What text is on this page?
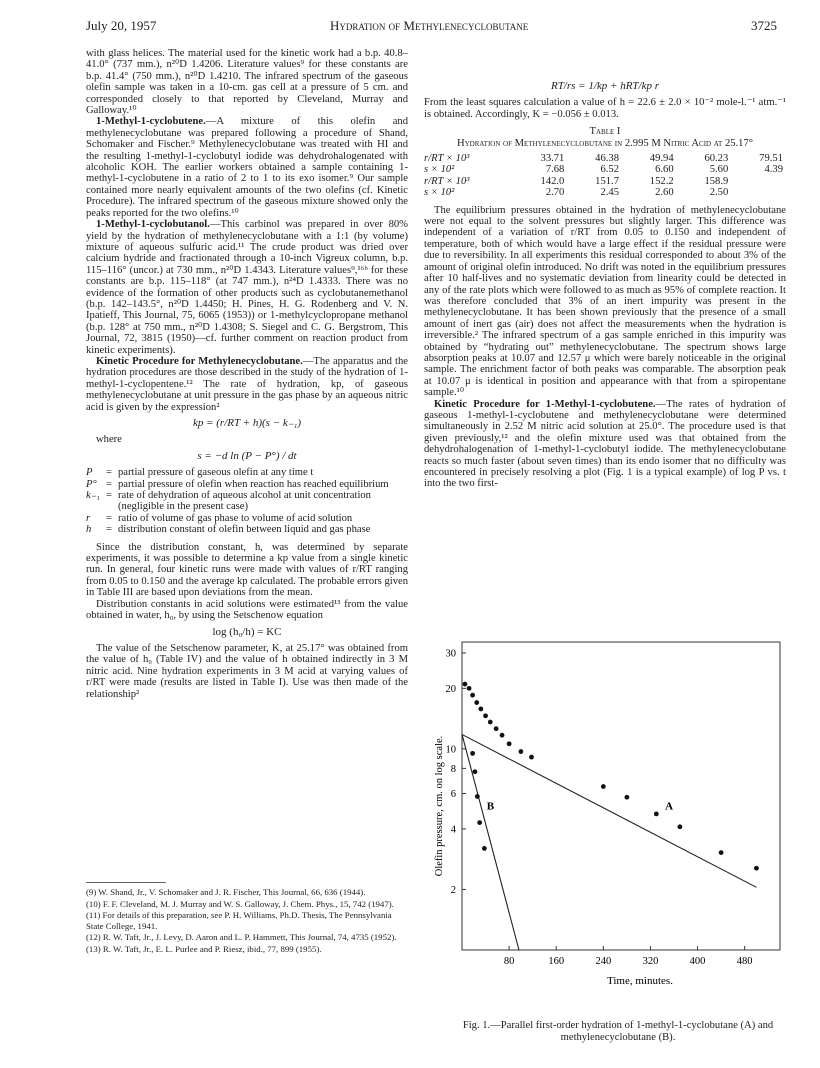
July 20, 1957	Hydration of Methylenecyclobutane	3725

with glass helices. The material used for the kinetic work had a b.p. 40.8–41.0° (737 mm.), n²⁰D 1.4206. Literature values⁹ for these constants are b.p. 41.4° (750 mm.), n²⁰D 1.4210. The infrared spectrum of the gaseous olefin sample was taken in a 10-cm. gas cell at a pressure of 5 cm. and corresponded closely to that reported by Cleveland, Murray and Galloway.¹⁰

1-Methyl-1-cyclobutene.—A mixture of this olefin and methylenecyclobutane was prepared following a procedure of Shand, Schomaker and Fischer.⁹ Methylenecyclobutane was treated with HI and the resulting 1-methyl-1-cyclobutyl iodide was dehydrohalogenated with alcoholic KOH. The earlier workers obtained a sample containing 1-methyl-1-cyclobutene in a ratio of 2 to 1 to its exo isomer.⁹ Our sample contained more nearly equivalent amounts of the two olefins (cf. Kinetic Procedure). The infrared spectrum of the gaseous mixture showed only the peaks reported for the two olefins.¹⁰

1-Methyl-1-cyclobutanol.—This carbinol was prepared in over 80% yield by the hydration of methylenecyclobutane with a 1:1 (by volume) mixture of aqueous sulfuric acid.¹¹ The crude product was dried over calcium hydride and fractionated through a 10-inch Vigreux column, b.p. 115–116° (uncor.) at 730 mm., n²⁰D 1.4343. Literature values⁹,¹⁶ᵇ for these constants are b.p. 115–118° (at 747 mm.), n²⁴D 1.4333. There was no evidence of the formation of other products such as cyclobutanemethanol (b.p. 142–143.5°, n²⁰D 1.4450; H. Pines, H. G. Rodenberg and V. N. Ipatieff, This Journal, 75, 6065 (1953)) or 1-methylcyclopropane methanol (b.p. 128° at 750 mm., n²⁰D 1.4308; S. Siegel and C. G. Bergstrom, This Journal, 72, 3815 (1950)—cf. further comment on reaction product from kinetic experiments).

Kinetic Procedure for Methylenecyclobutane.—The apparatus and the hydration procedures are those described in the study of the hydration of 1-methyl-1-cyclopentene.¹² The rate of hydration, kp, of gaseous methylenecyclobutane at unit pressure in the gas phase by an aqueous nitric acid is given by the expression²

kp = (r/RT + h)(s − k₋₁)

where

s = −d ln (P − P°) / dt
P	= partial pressure of gaseous olefin at any time t
P° = partial pressure of olefin when reaction has reached equilibrium
k₋₁ = rate of dehydration of aqueous alcohol at unit concentration (negligible in the present case)
r	= ratio of volume of gas phase to volume of acid solution
h	= distribution constant of olefin between liquid and gas phase

Since the distribution constant, h, was determined by separate experiments, it was possible to determine a kp value from a single kinetic run. In general, four kinetic runs were made with values of r/RT ranging from 0.05 to 0.150 and the average kp calculated. The probable errors given in Table III are based upon deviations from the mean.

Distribution constants in acid solutions were estimated¹³ from the value obtained in water, h₀, by using the Setschenow equation

log (h₀/h) = KC

The value of the Setschenow parameter, K, at 25.17° was obtained from the value of h₀ (Table IV) and the value of h obtained indirectly in 3 M nitric acid. Nine hydration experiments in 3 M acid at varying values of r/RT were made (results are listed in Table I). Use was then made of the relationship²

(9) W. Shand, Jr., V. Schomaker and J. R. Fischer, This Journal, 66, 636 (1944).

(10) F. F. Cleveland, M. J. Murray and W. S. Galloway, J. Chem. Phys., 15, 742 (1947).

(11) For details of this preparation, see P. H. Williams, Ph.D. Thesis, The Pennsylvania State College, 1941.

(12) R. W. Taft, Jr., J. Levy, D. Aaron and L. P. Hammett, This Journal, 74, 4735 (1952).

(13) R. W. Taft, Jr., E. L. Purlee and P. Riesz, ibid., 77, 899 (1955).

RT/rs = 1/kp + hRT/kp r

From the least squares calculation a value of h = 22.6 ± 2.0 × 10⁻² mole-l.⁻¹ atm.⁻¹ is obtained. Accordingly, K = −0.056 ± 0.013.

Table I
Hydration of Methylenecyclobutane in 2.995 M Nitric Acid at 25.17°
r/RT × 10³	33.71	46.38	49.94	60.23	79.51
s × 10²	7.68	6.52	6.60	5.60	4.39
r/RT × 10³	142.0	151.7	152.2	158.9	
s × 10²	2.70	2.45	2.60	2.50	

The equilibrium pressures obtained in the hydration of methylenecyclobutane were not equal to the solvent pressures but slightly larger. This difference was independent of a variation of r/RT from 0.05 to 0.150 and independent of temperature, both of which would have a large effect if the residual pressure were due to reversibility. In all experiments this residual corresponded to about 3% of the amount of original olefin introduced. No drift was noted in the equilibrium pressures after 10 half-lives and no systematic deviation from linearity could be detected in any of the rate plots which were followed to as much as 95% of complete reaction. It was therefore concluded that 3% of an inert impurity was present in the methylenecyclobutane. It has been shown previously that the presence of a small amount of inert gas (air) does not affect the measurements when the hydration is irreversible.² The infrared spectrum of a gas sample enriched in this impurity was obtained by “hydrating out” methylenecyclobutane. The spectrum shows large absorption peaks at 10.07 and 12.57 μ which were barely noticeable in the original sample. The enrichment factor of both peaks was comparable. The absorption peak at 10.07 μ is identical in position and appearance with that from a spiropentane sample.¹⁰

Kinetic Procedure for 1-Methyl-1-cyclobutene.—The rates of hydration of gaseous 1-methyl-1-cyclobutene and methylenecyclobutane were determined simultaneously in 2.52 M nitric acid solution at 25.0°. The procedure used is that given previously,¹² and the olefin mixture used was that obtained from the dehydrohalogenation of 1-methyl-1-cyclobutyl iodide. The methylenecyclobutane reacts so much faster (about seven times) than its endo isomer that no difficulty was encountered in precisely resolving a plot (Fig. 1 is a typical example) of log P vs. t into the two first-

Olefin pressure, cm. on log scale.
Time, minutes.
80	160	240	320	400	480
2
4
6
8
10
20
30
A
B
Fig. 1.—Parallel first-order hydration of 1-methyl-1-cyclobutane (A) and methylenecyclobutane (B).
